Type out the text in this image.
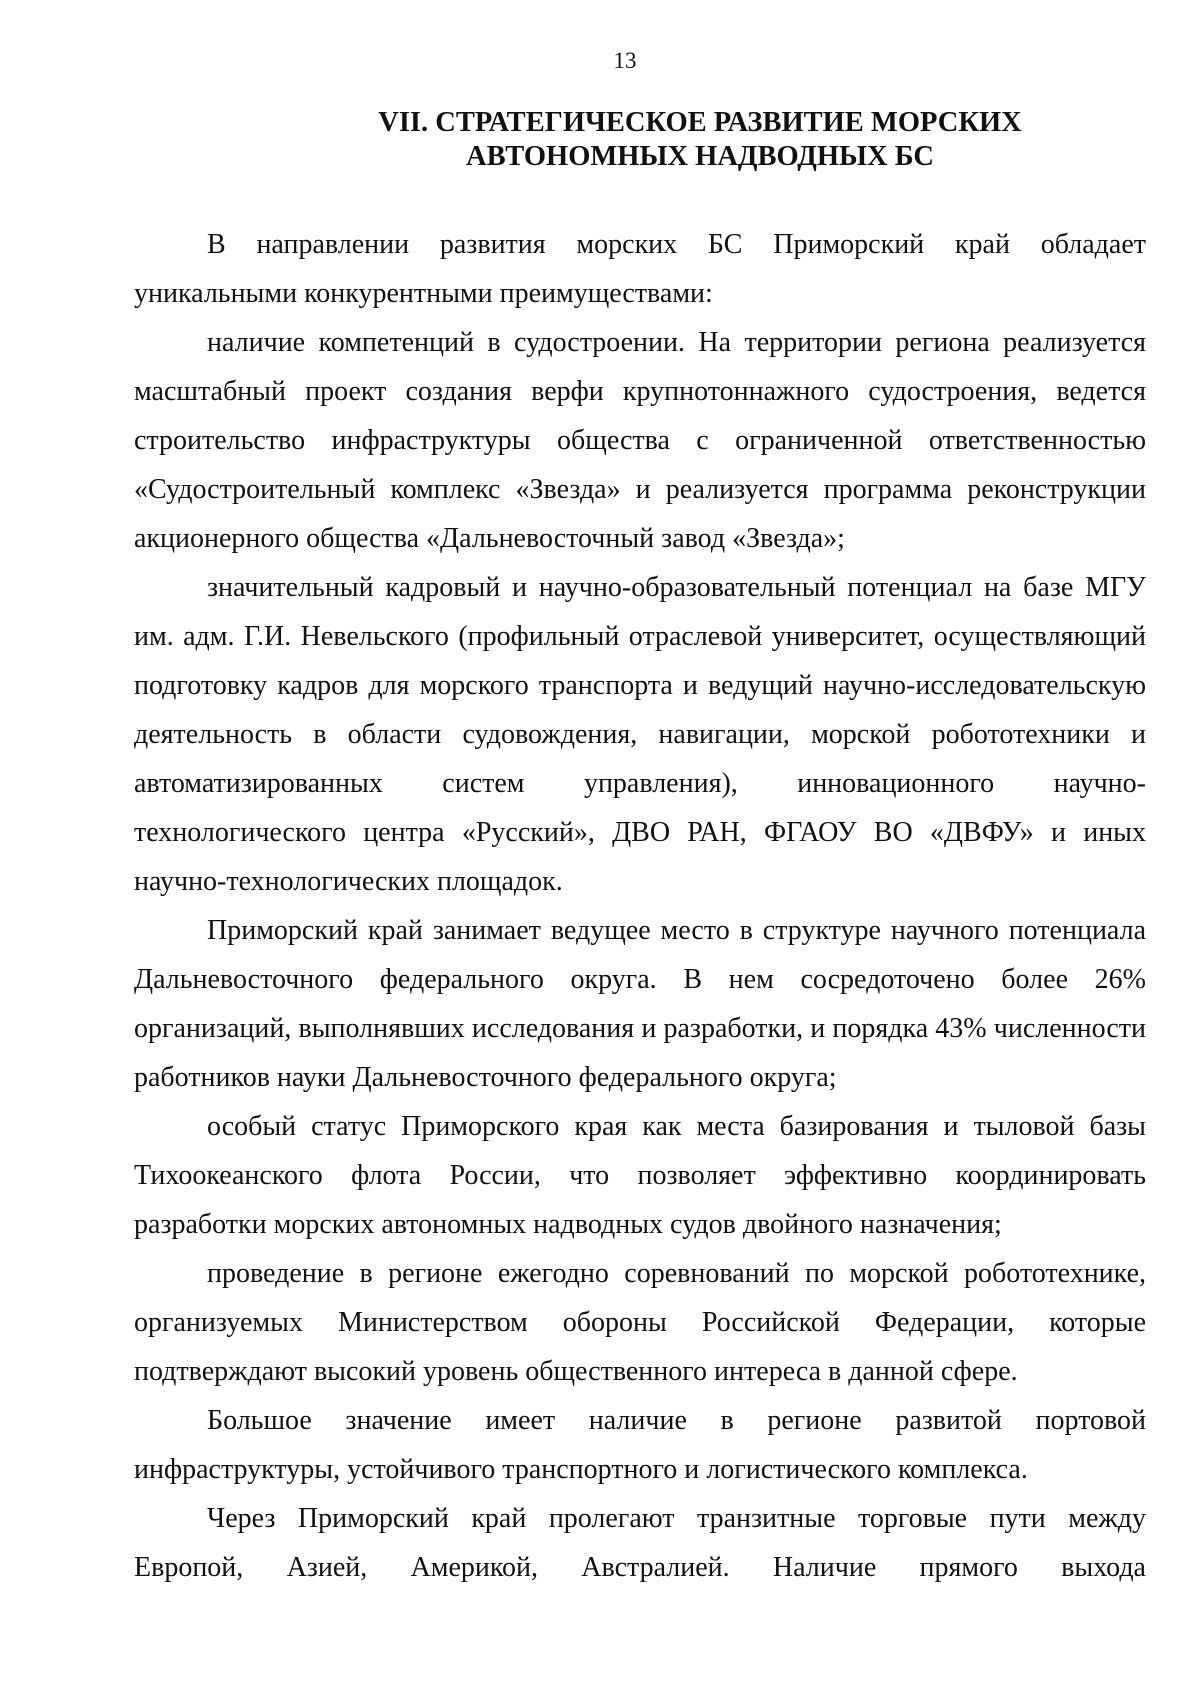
13
VII. СТРАТЕГИЧЕСКОЕ РАЗВИТИЕ МОРСКИХ
АВТОНОМНЫХ НАДВОДНЫХ БС

В направлении развития морских БС Приморский край обладает уникальными конкурентными преимуществами:

наличие компетенций в судостроении. На территории региона реализуется масштабный проект создания верфи крупнотоннажного судостроения, ведется строительство инфраструктуры общества с ограниченной ответственностью «Судостроительный комплекс «Звезда» и реализуется программа реконструкции акционерного общества «Дальневосточный завод «Звезда»;

значительный кадровый и научно-образовательный потенциал на базе МГУ им. адм. Г.И. Невельского (профильный отраслевой университет, осуществляющий подготовку кадров для морского транспорта и ведущий научно-исследовательскую деятельность в области судовождения, навигации, морской робототехники и автоматизированных систем управления), инновационного научно-технологического центра «Русский», ДВО РАН, ФГАОУ ВО «ДВФУ» и иных научно-технологических площадок.

Приморский край занимает ведущее место в структуре научного потенциала Дальневосточного федерального округа. В нем сосредоточено более 26% организаций, выполнявших исследования и разработки, и порядка 43% численности работников науки Дальневосточного федерального округа;

особый статус Приморского края как места базирования и тыловой базы Тихоокеанского флота России, что позволяет эффективно координировать разработки морских автономных надводных судов двойного назначения;

проведение в регионе ежегодно соревнований по морской робототехнике, организуемых Министерством обороны Российской Федерации, которые подтверждают высокий уровень общественного интереса в данной сфере.

Большое значение имеет наличие в регионе развитой портовой инфраструктуры, устойчивого транспортного и логистического комплекса.

Через Приморский край пролегают транзитные торговые пути между Европой, Азией, Америкой, Австралией. Наличие прямого выхода
